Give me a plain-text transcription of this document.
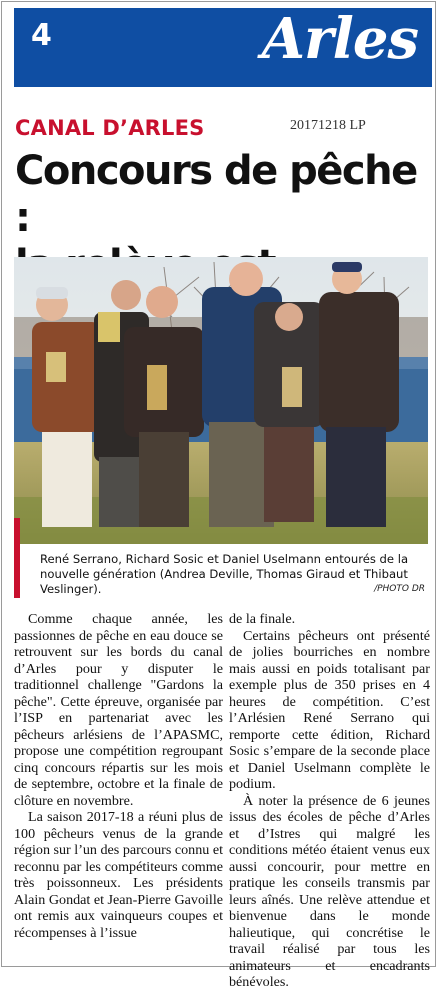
4	Arles
CANAL D’ARLES	20171218 LP
Concours de pêche :
René Serrano, Richard Sosic et Daniel Uselmann entourés de la nouvelle génération (Andrea Deville, Thomas Giraud et Thibaut Veslinger).	/PHOTO DR

Comme chaque année, les passionnes de pêche en eau douce se retrouvent sur les bords du canal d’Arles pour y disputer le traditionnel challenge "Gardons la pêche". Cette épreuve, organisée par l’ISP en partenariat avec les pêcheurs arlésiens de l’APASMC, propose une compétition regroupant cinq concours répartis sur les mois de septembre, octobre et la finale de clôture en novembre.

La saison 2017-18 a réuni plus de 100 pêcheurs venus de la grande région sur l’un des parcours connu et reconnu par les compétiteurs comme très poissonneux. Les présidents Alain Gondat et Jean-Pierre Gavoille ont remis aux vainqueurs coupes et récompenses à l’issue

de la finale.

Certains pêcheurs ont présenté de jolies bourriches en nombre mais aussi en poids totalisant par exemple plus de 350 prises en 4 heures de compétition. C’est l’Arlésien René Serrano qui remporte cette édition, Richard Sosic s’empare de la seconde place et Daniel Uselmann complète le podium.

À noter la présence de 6 jeunes issus des écoles de pêche d’Arles et d’Istres qui malgré les conditions météo étaient venus eux aussi concourir, pour mettre en pratique les conseils transmis par leurs aînés. Une relève attendue et bienvenue dans le monde halieutique, qui concrétise le travail réalisé par tous les animateurs et encadrants bénévoles.
